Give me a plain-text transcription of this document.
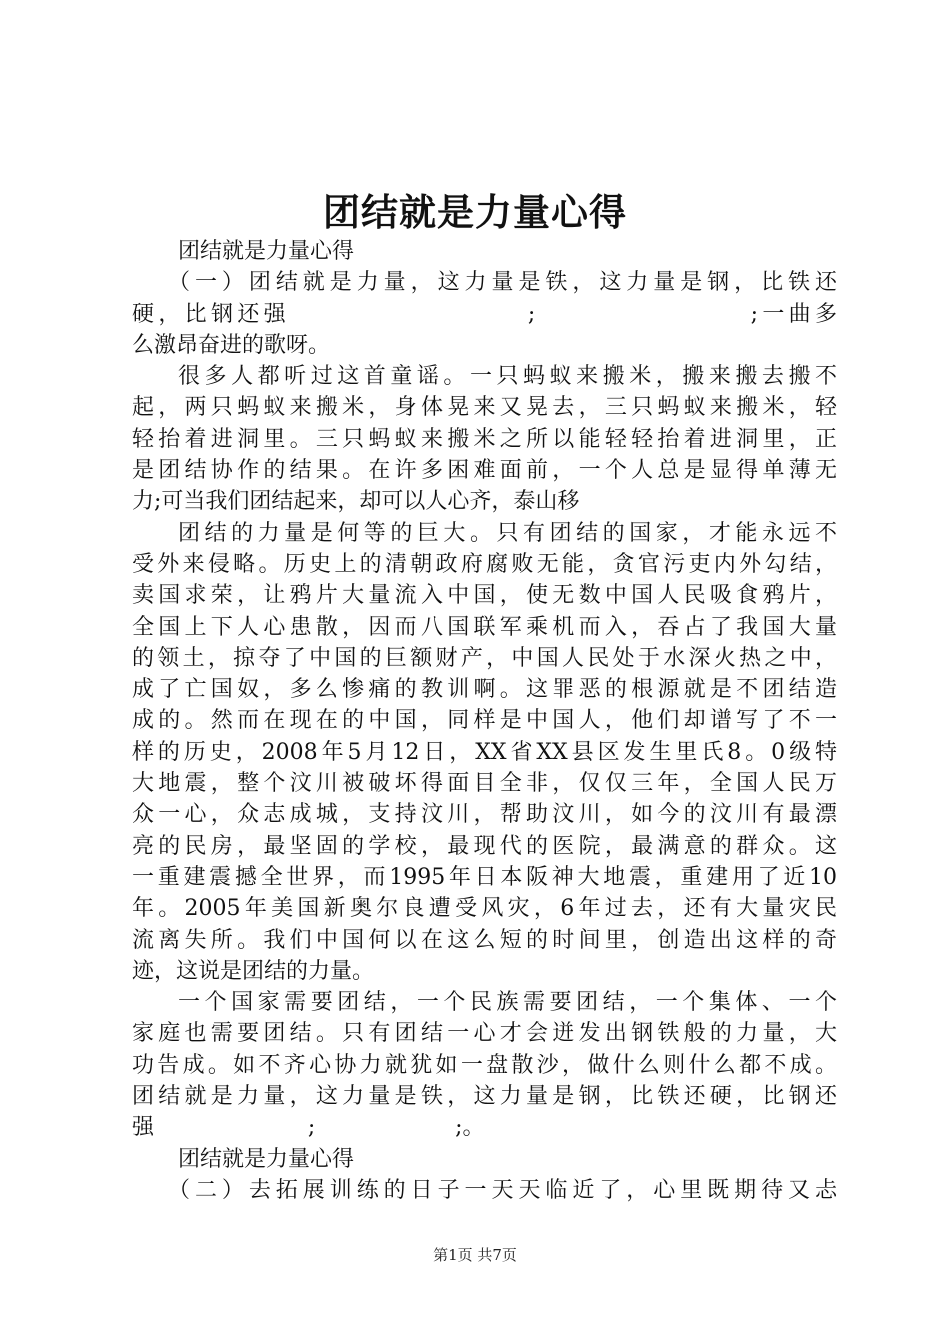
团结就是力量心得
团结就是力量心得
（一）团结就是力量，这力量是铁，这力量是钢，比铁还
硬，比钢还强                     ;                   ;一曲多
么激昂奋进的歌呀。
很多人都听过这首童谣。一只蚂蚁来搬米，搬来搬去搬不
起，两只蚂蚁来搬米，身体晃来又晃去，三只蚂蚁来搬米，轻
轻抬着进洞里。三只蚂蚁来搬米之所以能轻轻抬着进洞里，正
是团结协作的结果。在许多困难面前，一个人总是显得单薄无
力;可当我们团结起来，却可以人心齐，泰山移
团结的力量是何等的巨大。只有团结的国家，才能永远不
受外来侵略。历史上的清朝政府腐败无能，贪官污吏内外勾结，
卖国求荣，让鸦片大量流入中国，使无数中国人民吸食鸦片，
全国上下人心患散，因而八国联军乘机而入，吞占了我国大量
的领土，掠夺了中国的巨额财产，中国人民处于水深火热之中，
成了亡国奴，多么惨痛的教训啊。这罪恶的根源就是不团结造
成的。然而在现在的中国，同样是中国人，他们却谱写了不一
样的历史，2008年5月12日，XX省XX县区发生里氏8。0级特
大地震，整个汶川被破坏得面目全非，仅仅三年，全国人民万
众一心，众志成城，支持汶川，帮助汶川，如今的汶川有最漂
亮的民房，最坚固的学校，最现代的医院，最满意的群众。这
一重建震撼全世界，而1995年日本阪神大地震，重建用了近10
年。2005年美国新奥尔良遭受风灾，6年过去，还有大量灾民
流离失所。我们中国何以在这么短的时间里，创造出这样的奇
迹，这说是团结的力量。
一个国家需要团结，一个民族需要团结，一个集体、一个
家庭也需要团结。只有团结一心才会迸发出钢铁般的力量，大
功告成。如不齐心协力就犹如一盘散沙，做什么则什么都不成。
团结就是力量，这力量是铁，这力量是钢，比铁还硬，比钢还
强                      ;                    ;。
团结就是力量心得
（二）去拓展训练的日子一天天临近了，心里既期待又忐
第1页 共7页
